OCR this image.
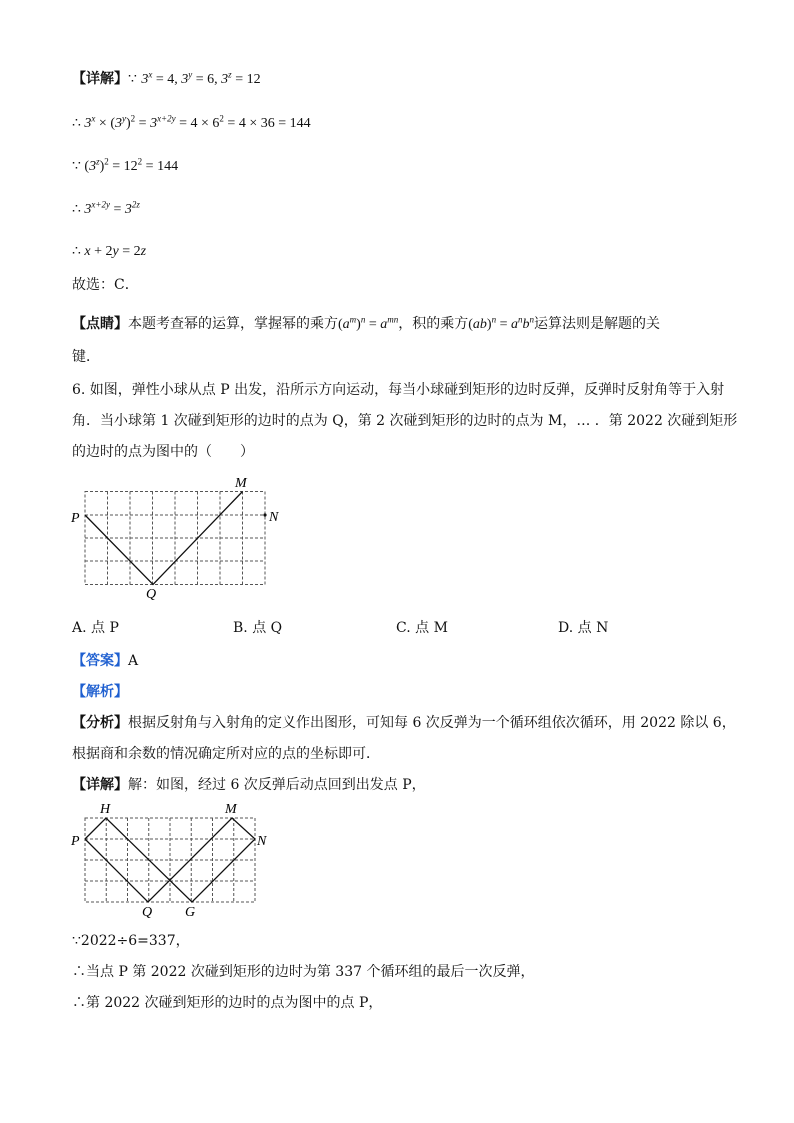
【详解】∵ $3^x = 4$, $3^y = 6$, $3^z = 12$
∴ $3^x \times (3^y)^2 = 3^{x+2y} = 4 \times 6^2 = 4 \times 36 = 144$
∵ $(3^z)^2 = 12^2 = 144$
∴ $3^{x+2y} = 3^{2z}$
∴ x + 2y = 2z
故选：C．
【点睛】本题考查幂的运算，掌握幂的乘方$(a^m)^n = a^{mn}$，积的乘方$(ab)^n = a^nb^n$运算法则是解题的关
键．
6. 如图，弹性小球从点 P 出发，沿所示方向运动，每当小球碰到矩形的边时反弹，反弹时反射角等于入射
角．当小球第 1 次碰到矩形的边时的点为 Q，第 2 次碰到矩形的边时的点为 M，… ．第 2022 次碰到矩形
的边时的点为图中的（　　）
P
Q
M
N
A. 点 P	B. 点 Q	C. 点 M	D. 点 N
【答案】A
【解析】
【分析】根据反射角与入射角的定义作出图形，可知每 6 次反弹为一个循环组依次循环，用 2022 除以 6，
根据商和余数的情况确定所对应的点的坐标即可．
【详解】解：如图，经过 6 次反弹后动点回到出发点 P，
H	M
P	N
Q G
∵2022÷6=337，
∴当点 P 第 2022 次碰到矩形的边时为第 337 个循环组的最后一次反弹，
∴第 2022 次碰到矩形的边时的点为图中的点 P，
